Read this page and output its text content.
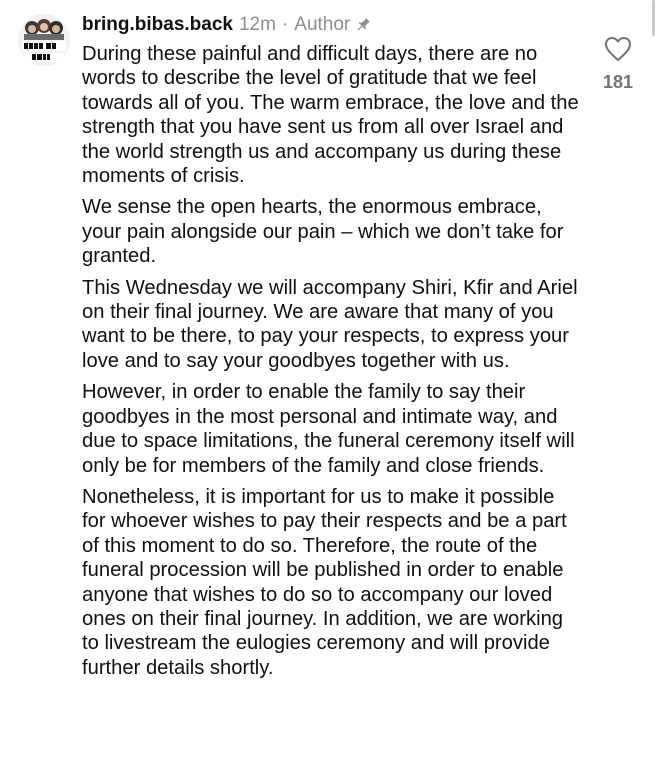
bring.bibas.back 12m · Author

During these painful and difficult days, there are no words to describe the level of gratitude that we feel towards all of you. The warm embrace, the love and the strength that you have sent us from all over Israel and the world strength us and accompany us during these moments of crisis.

We sense the open hearts, the enormous embrace, your pain alongside our pain – which we don’t take for granted.

This Wednesday we will accompany Shiri, Kfir and Ariel on their final journey. We are aware that many of you want to be there, to pay your respects, to express your love and to say your goodbyes together with us.

However, in order to enable the family to say their goodbyes in the most personal and intimate way, and due to space limitations, the funeral ceremony itself will only be for members of the family and close friends.

Nonetheless, it is important for us to make it possible for whoever wishes to pay their respects and be a part of this moment to do so. Therefore, the route of the funeral procession will be published in order to enable anyone that wishes to do so to accompany our loved ones on their final journey. In addition, we are working to livestream the eulogies ceremony and will provide further details shortly.

181
